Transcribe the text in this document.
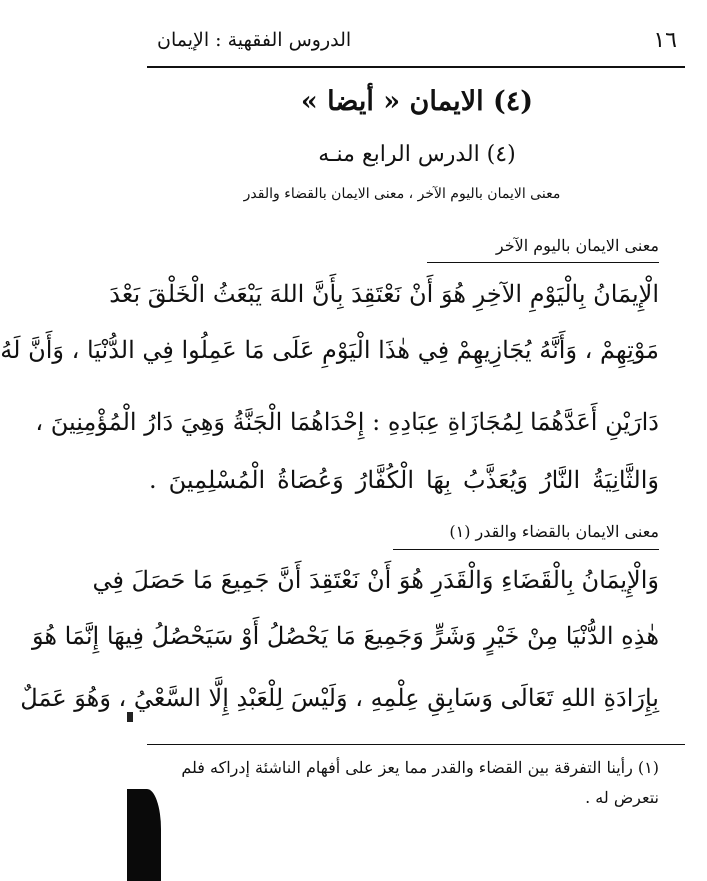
١٦
الدروس الفقهية : الإيمان
(٤) الايمان « أيضا »
(٤) الدرس الرابع منـه
معنى الايمان باليوم الآخر ، معنى الايمان بالقضاء والقدر
معنى الايمان باليوم الآخر
الْإِيمَانُ بِالْيَوْمِ الآخِرِ هُوَ أَنْ نَعْتَقِدَ بِأَنَّ اللهَ يَبْعَثُ الْخَلْقَ بَعْدَ
مَوْتِهِمْ ، وَأَنَّهُ يُجَازِيهِمْ فِي هٰذَا الْيَوْمِ عَلَى مَا عَمِلُوا فِي الدُّنْيَا ، وَأَنَّ لَهُ
دَارَيْنِ أَعَدَّهُمَا لِمُجَازَاةِ عِبَادِهِ : إِحْدَاهُمَا الْجَنَّةُ وَهِيَ دَارُ الْمُؤْمِنِينَ ،
وَالثَّانِيَةُ النَّارُ وَيُعَذَّبُ بِهَا الْكُفَّارُ وَعُصَاةُ الْمُسْلِمِينَ .
معنى الايمان بالقضاء والقدر (١)
وَالْإِيمَانُ بِالْقَضَاءِ وَالْقَدَرِ هُوَ أَنْ نَعْتَقِدَ أَنَّ جَمِيعَ مَا حَصَلَ فِي
هٰذِهِ الدُّنْيَا مِنْ خَيْرٍ وَشَرٍّ وَجَمِيعَ مَا يَحْصُلُ أَوْ سَيَحْصُلُ فِيهَا إِنَّمَا هُوَ
بِإِرَادَةِ اللهِ تَعَالَى وَسَابِقِ عِلْمِهِ ، وَلَيْسَ لِلْعَبْدِ إِلَّا السَّعْيُ ، وَهُوَ عَمَلٌ
(١) رأينا التفرقة بين القضاء والقدر مما يعز على أفهام الناشئة إدراكه فلم
نتعرض له .
